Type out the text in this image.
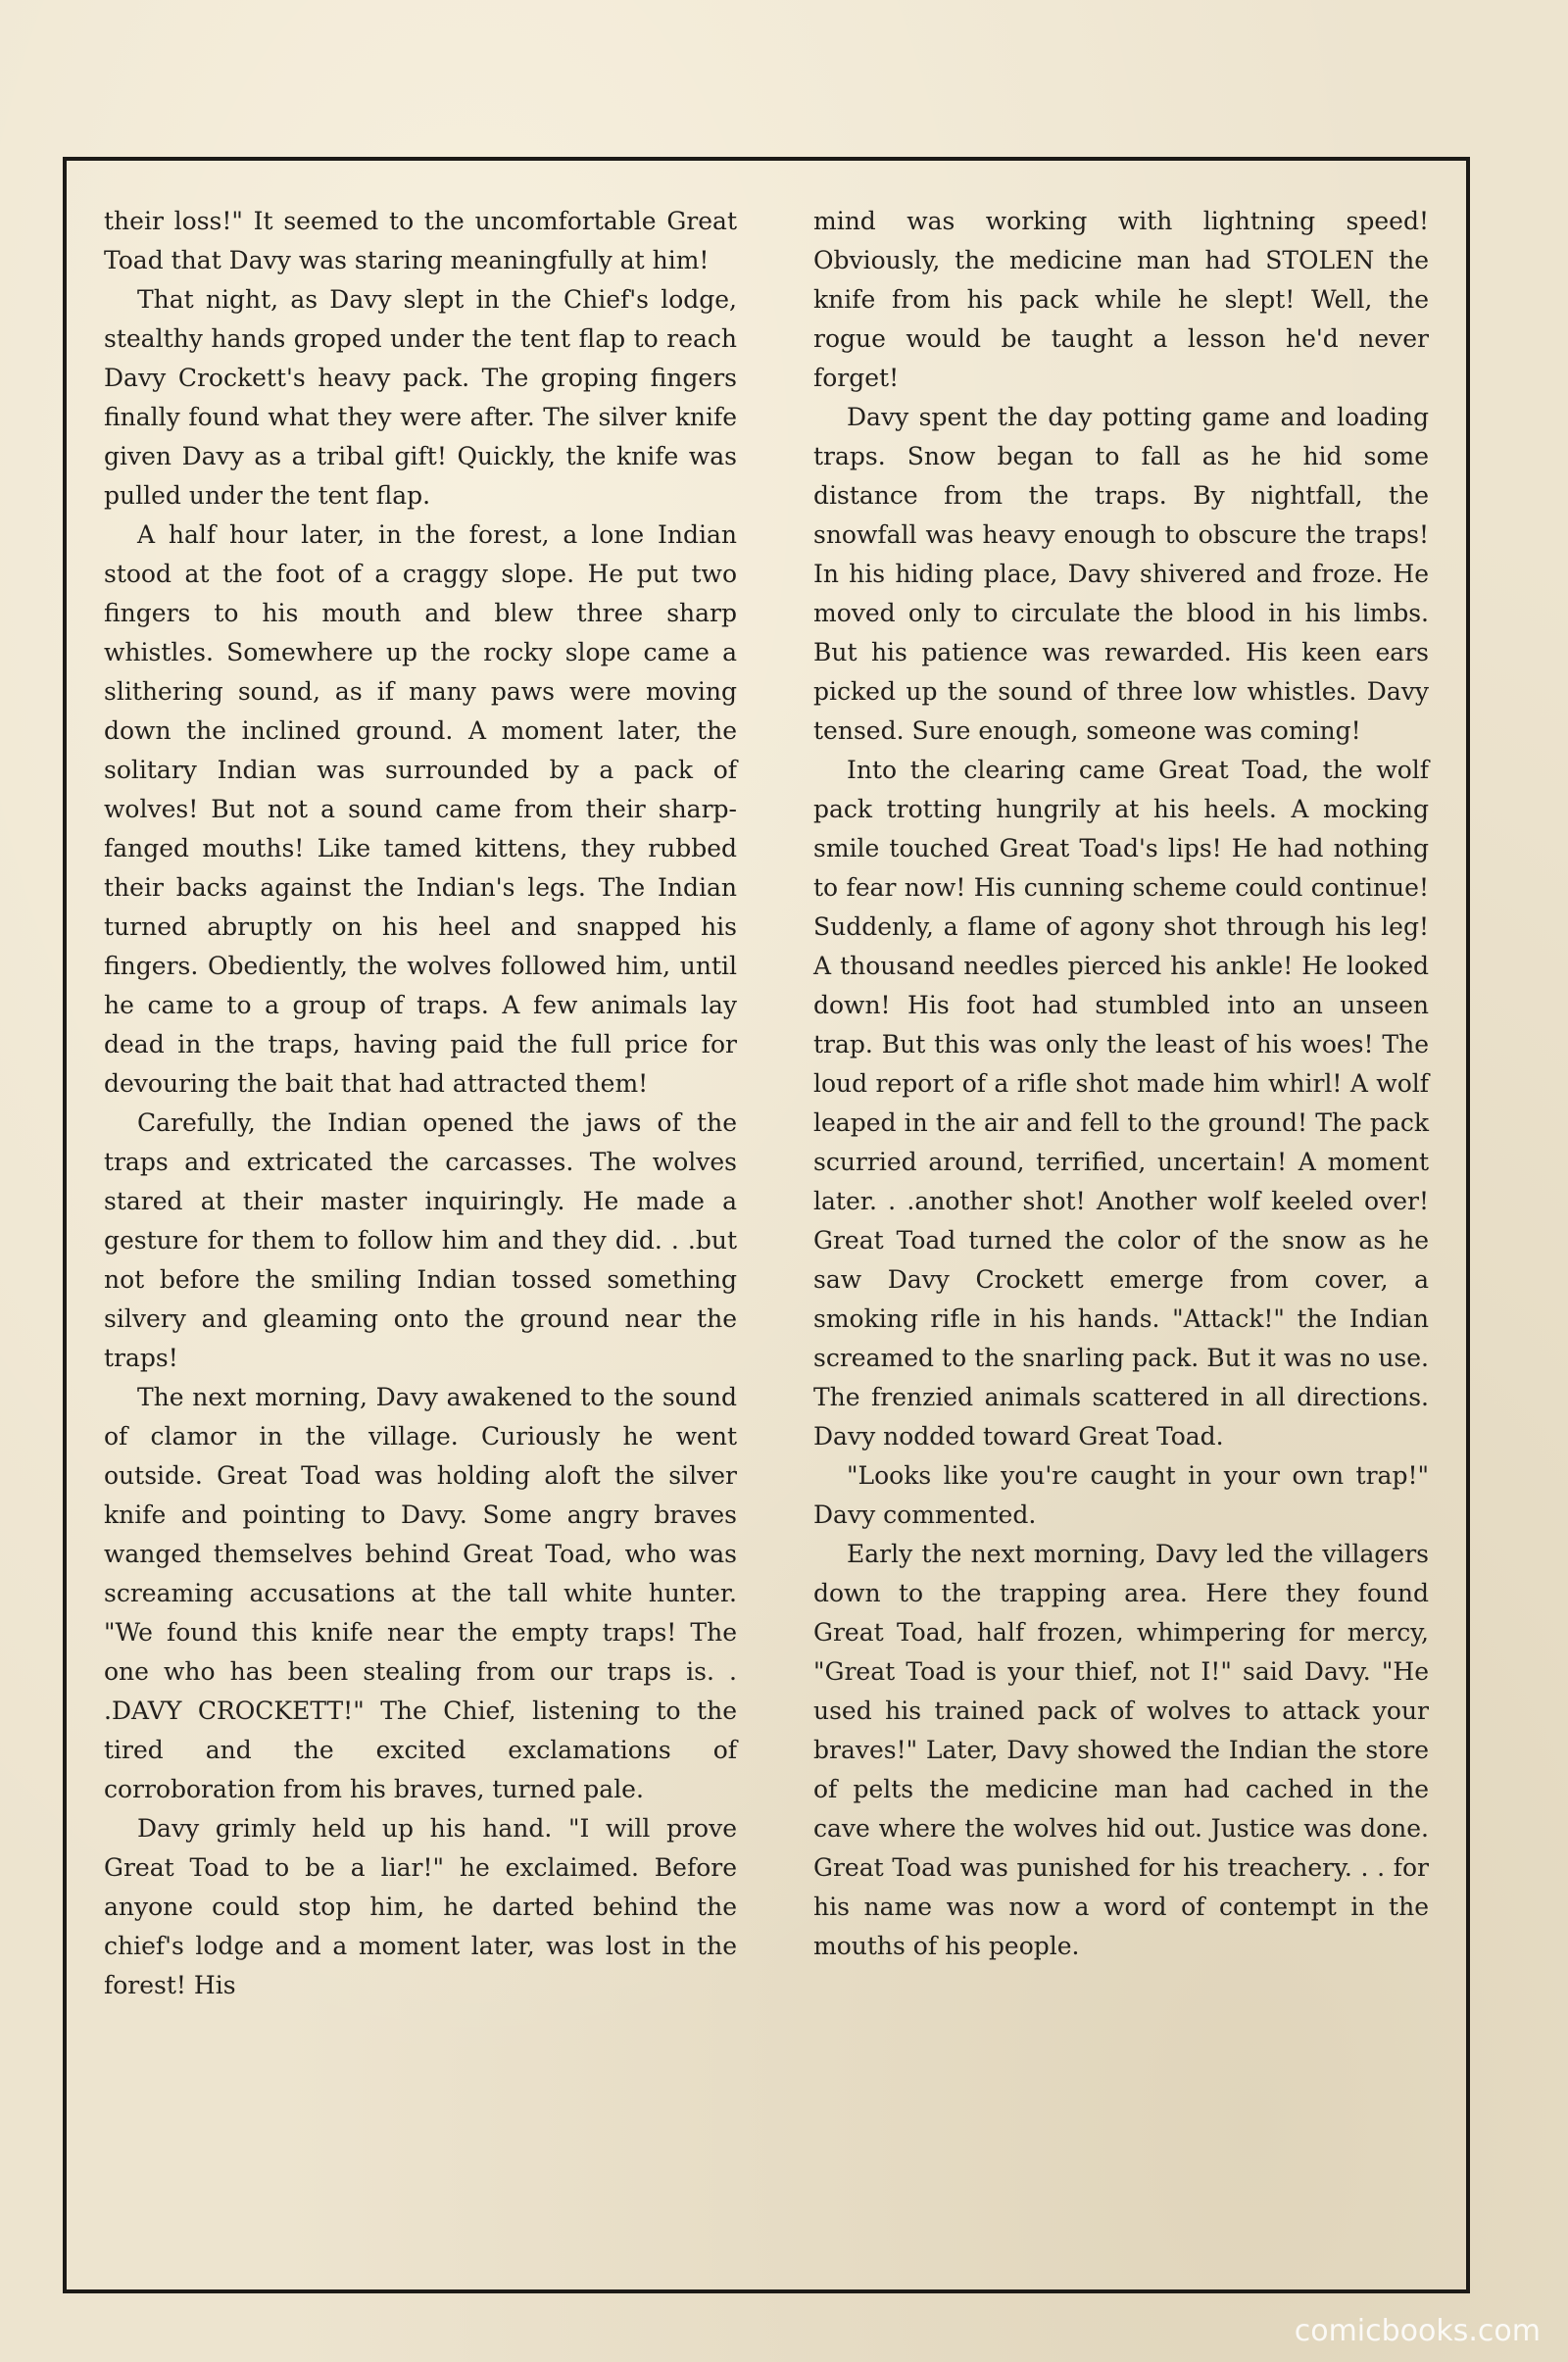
their loss!" It seemed to the uncomfortable Great Toad that Davy was staring meaningfully at him!

That night, as Davy slept in the Chief's lodge, stealthy hands groped under the tent flap to reach Davy Crockett's heavy pack. The groping fingers finally found what they were after. The silver knife given Davy as a tribal gift! Quickly, the knife was pulled under the tent flap.

A half hour later, in the forest, a lone Indian stood at the foot of a craggy slope. He put two fingers to his mouth and blew three sharp whistles. Somewhere up the rocky slope came a slithering sound, as if many paws were moving down the inclined ground. A moment later, the solitary Indian was surrounded by a pack of wolves! But not a sound came from their sharp-fanged mouths! Like tamed kittens, they rubbed their backs against the Indian's legs. The Indian turned abruptly on his heel and snapped his fingers. Obediently, the wolves followed him, until he came to a group of traps. A few animals lay dead in the traps, having paid the full price for devouring the bait that had attracted them!

Carefully, the Indian opened the jaws of the traps and extricated the carcasses. The wolves stared at their master inquiringly. He made a gesture for them to follow him and they did. . .but not before the smiling Indian tossed something silvery and gleaming onto the ground near the traps!

The next morning, Davy awakened to the sound of clamor in the village. Curiously he went outside. Great Toad was holding aloft the silver knife and pointing to Davy. Some angry braves wanged themselves behind Great Toad, who was screaming accusations at the tall white hunter. "We found this knife near the empty traps! The one who has been stealing from our traps is. . .DAVY CROCKETT!" The Chief, listening to the tired and the excited exclamations of corroboration from his braves, turned pale.

Davy grimly held up his hand. "I will prove Great Toad to be a liar!" he exclaimed. Before anyone could stop him, he darted behind the chief's lodge and a moment later, was lost in the forest! His

mind was working with lightning speed! Obviously, the medicine man had STOLEN the knife from his pack while he slept! Well, the rogue would be taught a lesson he'd never forget!

Davy spent the day potting game and loading traps. Snow began to fall as he hid some distance from the traps. By nightfall, the snowfall was heavy enough to obscure the traps! In his hiding place, Davy shivered and froze. He moved only to circulate the blood in his limbs. But his patience was rewarded. His keen ears picked up the sound of three low whistles. Davy tensed. Sure enough, someone was coming!

Into the clearing came Great Toad, the wolf pack trotting hungrily at his heels. A mocking smile touched Great Toad's lips! He had nothing to fear now! His cunning scheme could continue! Suddenly, a flame of agony shot through his leg! A thousand needles pierced his ankle! He looked down! His foot had stumbled into an unseen trap. But this was only the least of his woes! The loud report of a rifle shot made him whirl! A wolf leaped in the air and fell to the ground! The pack scurried around, terrified, uncertain! A moment later. . .another shot! Another wolf keeled over! Great Toad turned the color of the snow as he saw Davy Crockett emerge from cover, a smoking rifle in his hands. "Attack!" the Indian screamed to the snarling pack. But it was no use. The frenzied animals scattered in all directions. Davy nodded toward Great Toad.

"Looks like you're caught in your own trap!" Davy commented.

Early the next morning, Davy led the villagers down to the trapping area. Here they found Great Toad, half frozen, whimpering for mercy, "Great Toad is your thief, not I!" said Davy. "He used his trained pack of wolves to attack your braves!" Later, Davy showed the Indian the store of pelts the medicine man had cached in the cave where the wolves hid out. Justice was done. Great Toad was punished for his treachery. . . for his name was now a word of contempt in the mouths of his people.

comicbooks.com
